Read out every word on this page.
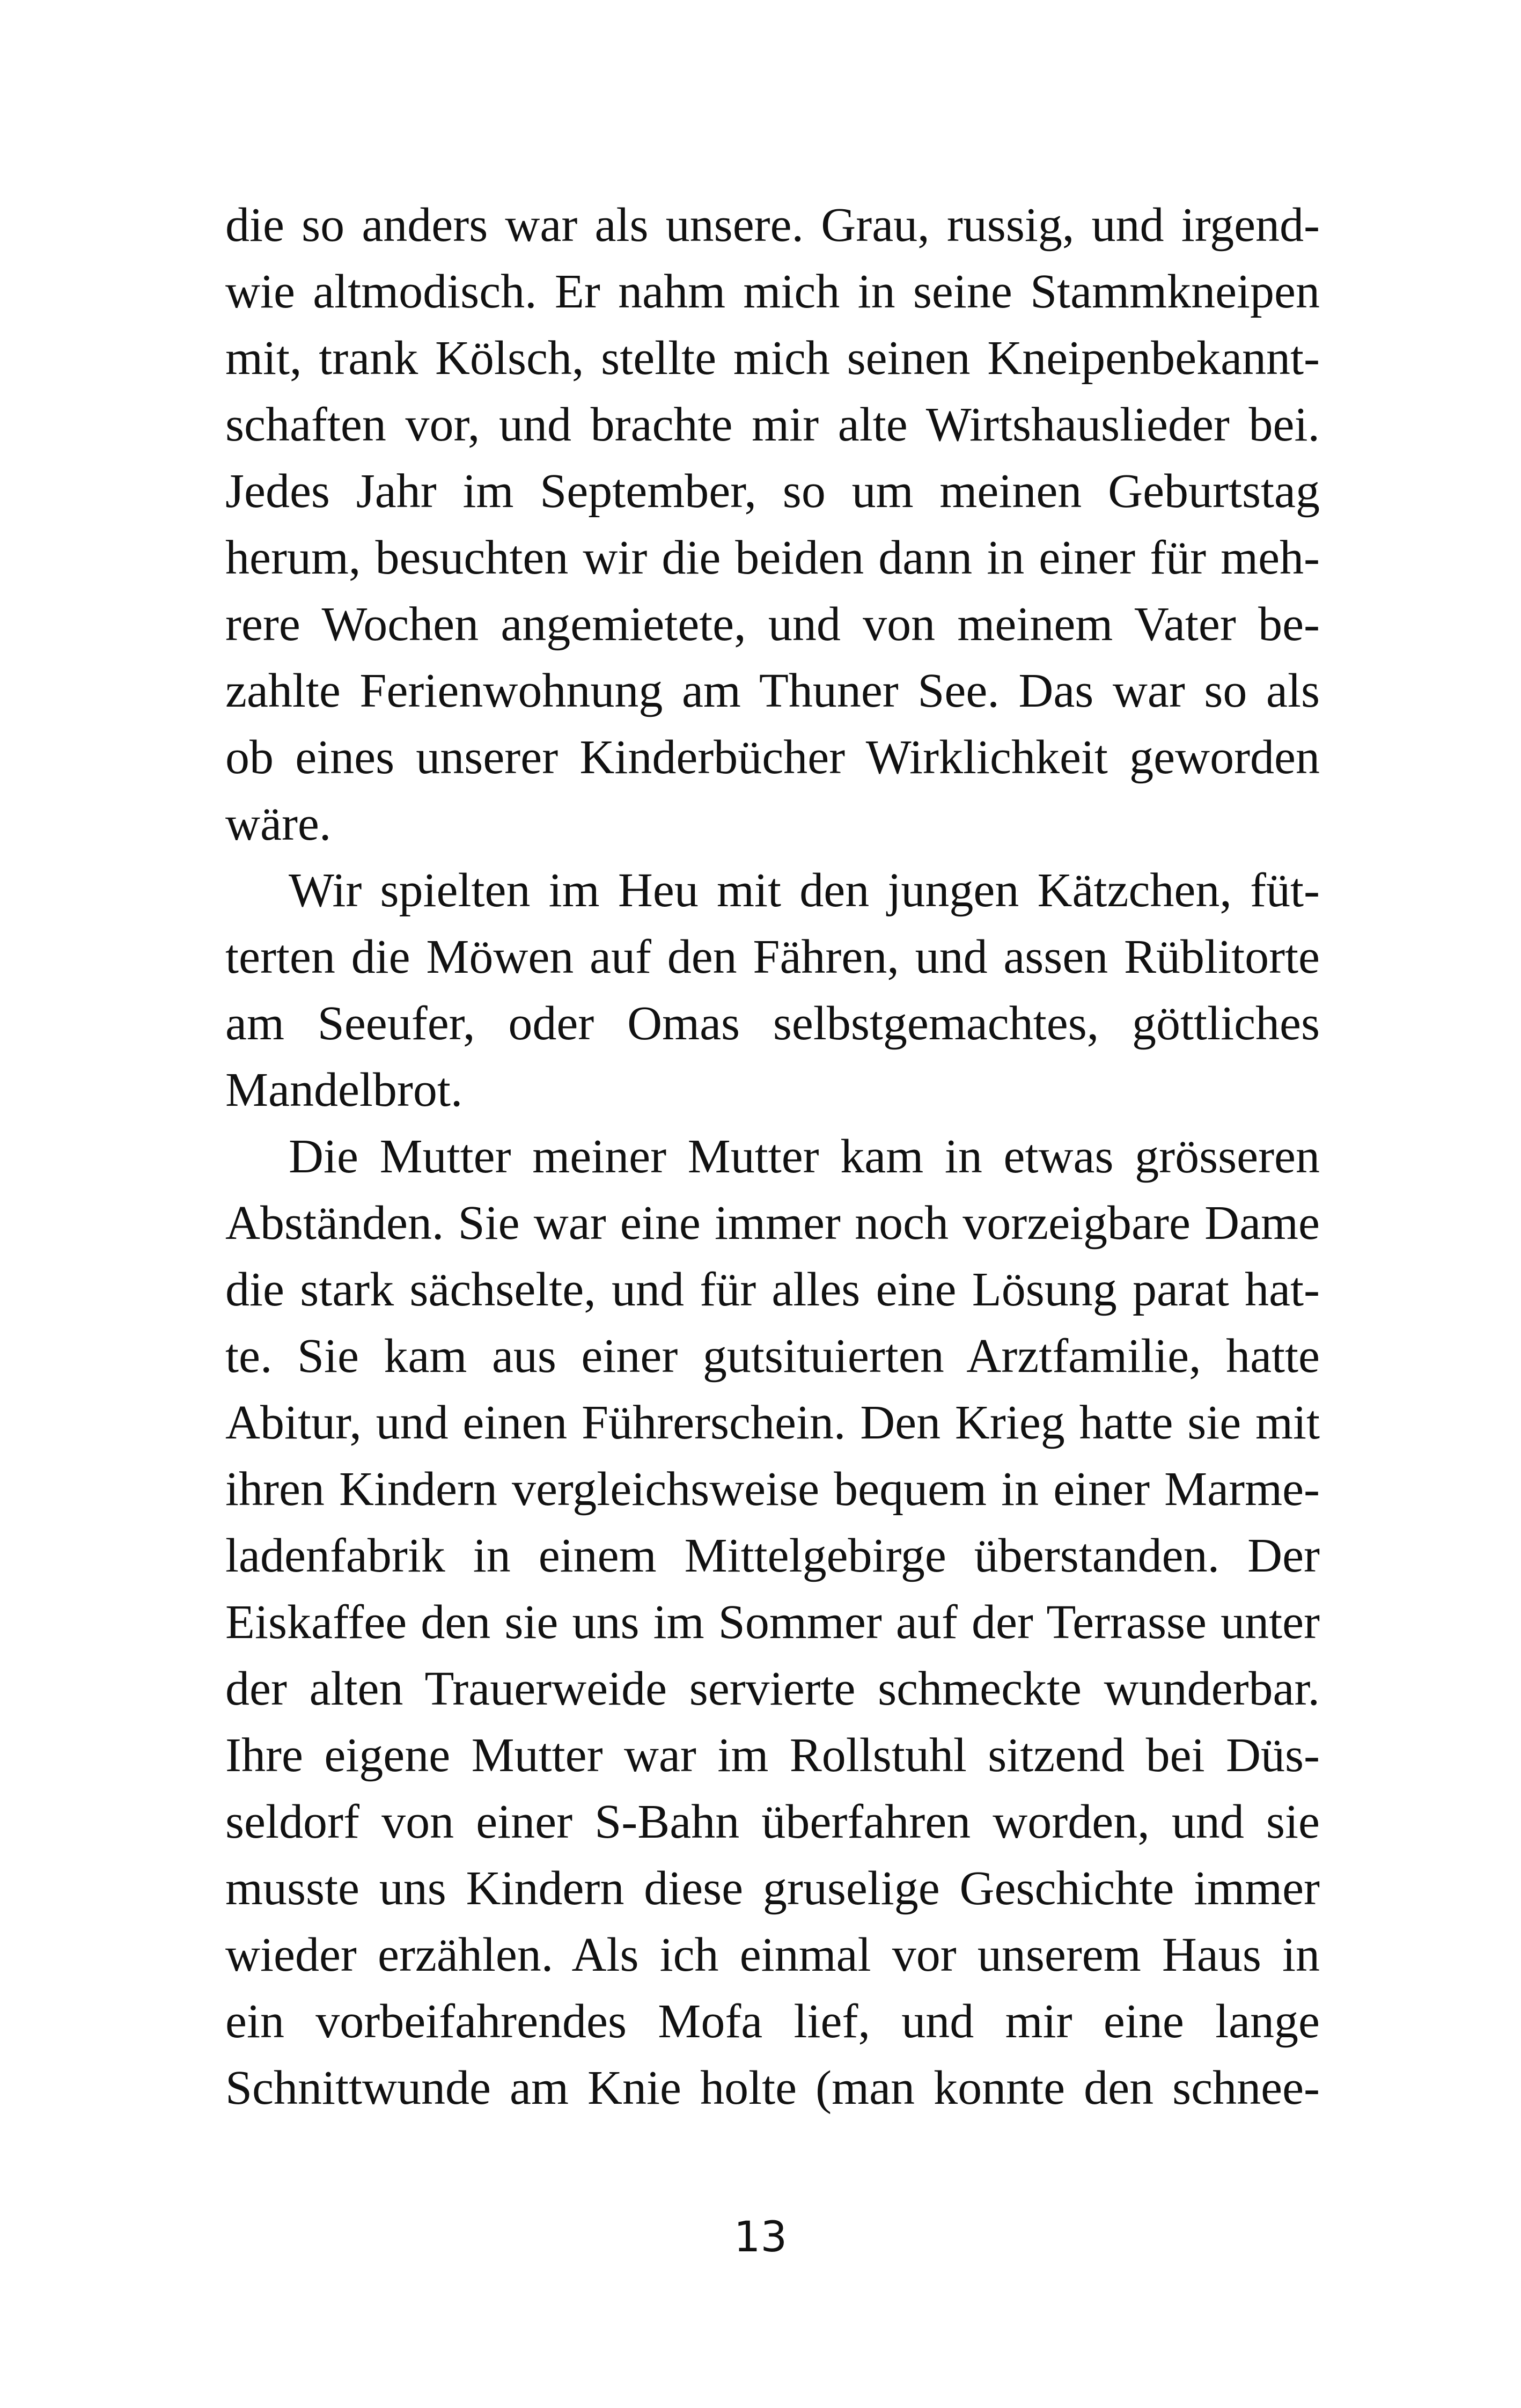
die so anders war als unsere. Grau, russig, und irgend-
wie altmodisch. Er nahm mich in seine Stammkneipen
mit, trank Kölsch, stellte mich seinen Kneipenbekannt-
schaften vor, und brachte mir alte Wirtshauslieder bei.
Jedes Jahr im September, so um meinen Geburtstag
herum, besuchten wir die beiden dann in einer für meh-
rere Wochen angemietete, und von meinem Vater be-
zahlte Ferienwohnung am Thuner See. Das war so als
ob eines unserer Kinderbücher Wirklichkeit geworden
wäre.
Wir spielten im Heu mit den jungen Kätzchen, füt-
terten die Möwen auf den Fähren, und assen Rüblitorte
am Seeufer, oder Omas selbstgemachtes, göttliches
Mandelbrot.
Die Mutter meiner Mutter kam in etwas grösseren
Abständen. Sie war eine immer noch vorzeigbare Dame
die stark sächselte, und für alles eine Lösung parat hat-
te. Sie kam aus einer gutsituierten Arztfamilie, hatte
Abitur, und einen Führerschein. Den Krieg hatte sie mit
ihren Kindern vergleichsweise bequem in einer Marme-
ladenfabrik in einem Mittelgebirge überstanden. Der
Eiskaffee den sie uns im Sommer auf der Terrasse unter
der alten Trauerweide servierte schmeckte wunderbar.
Ihre eigene Mutter war im Rollstuhl sitzend bei Düs-
seldorf von einer S-Bahn überfahren worden, und sie
musste uns Kindern diese gruselige Geschichte immer
wieder erzählen. Als ich einmal vor unserem Haus in
ein vorbeifahrendes Mofa lief, und mir eine lange
Schnittwunde am Knie holte (man konnte den schnee-
13
